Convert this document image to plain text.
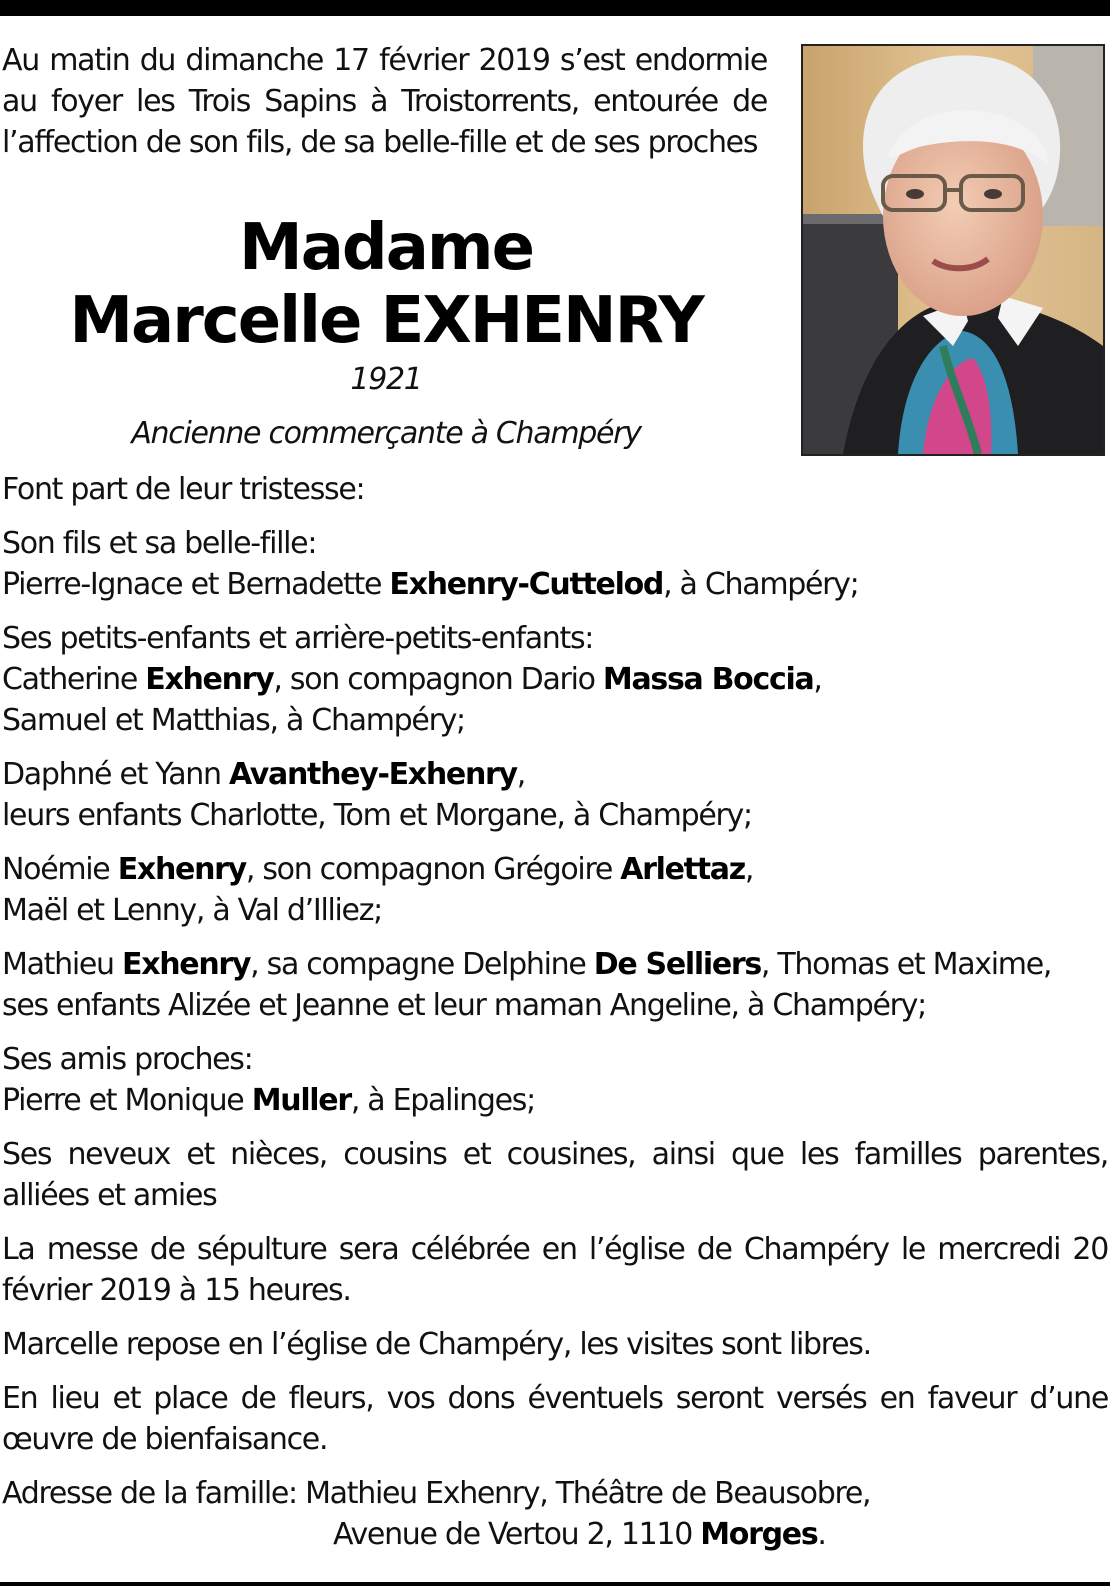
Au matin du dimanche 17 février 2019 s’est endormie au foyer les Trois Sapins à Troistorrents, entourée de l’affection de son fils, de sa belle-fille et de ses proches
Madame
Marcelle EXHENRY
1921
Ancienne commerçante à Champéry

Font part de leur tristesse:

Son fils et sa belle-fille:
Pierre-Ignace et Bernadette Exhenry-Cuttelod, à Champéry;

Ses petits-enfants et arrière-petits-enfants:
Catherine Exhenry, son compagnon Dario Massa Boccia,
Samuel et Matthias, à Champéry;

Daphné et Yann Avanthey-Exhenry,
leurs enfants Charlotte, Tom et Morgane, à Champéry;

Noémie Exhenry, son compagnon Grégoire Arlettaz,
Maël et Lenny, à Val d’Illiez;

Mathieu Exhenry, sa compagne Delphine De Selliers, Thomas et Maxime,
ses enfants Alizée et Jeanne et leur maman Angeline, à Champéry;

Ses amis proches:
Pierre et Monique Muller, à Epalinges;

Ses neveux et nièces, cousins et cousines, ainsi que les familles parentes, alliées et amies

La messe de sépulture sera célébrée en l’église de Champéry le mercredi 20 février 2019 à 15 heures.

Marcelle repose en l’église de Champéry, les visites sont libres.

En lieu et place de fleurs, vos dons éventuels seront versés en faveur d’une œuvre de bienfaisance.

Adresse de la famille: Mathieu Exhenry, Théâtre de Beausobre,
Avenue de Vertou 2, 1110 Morges.
